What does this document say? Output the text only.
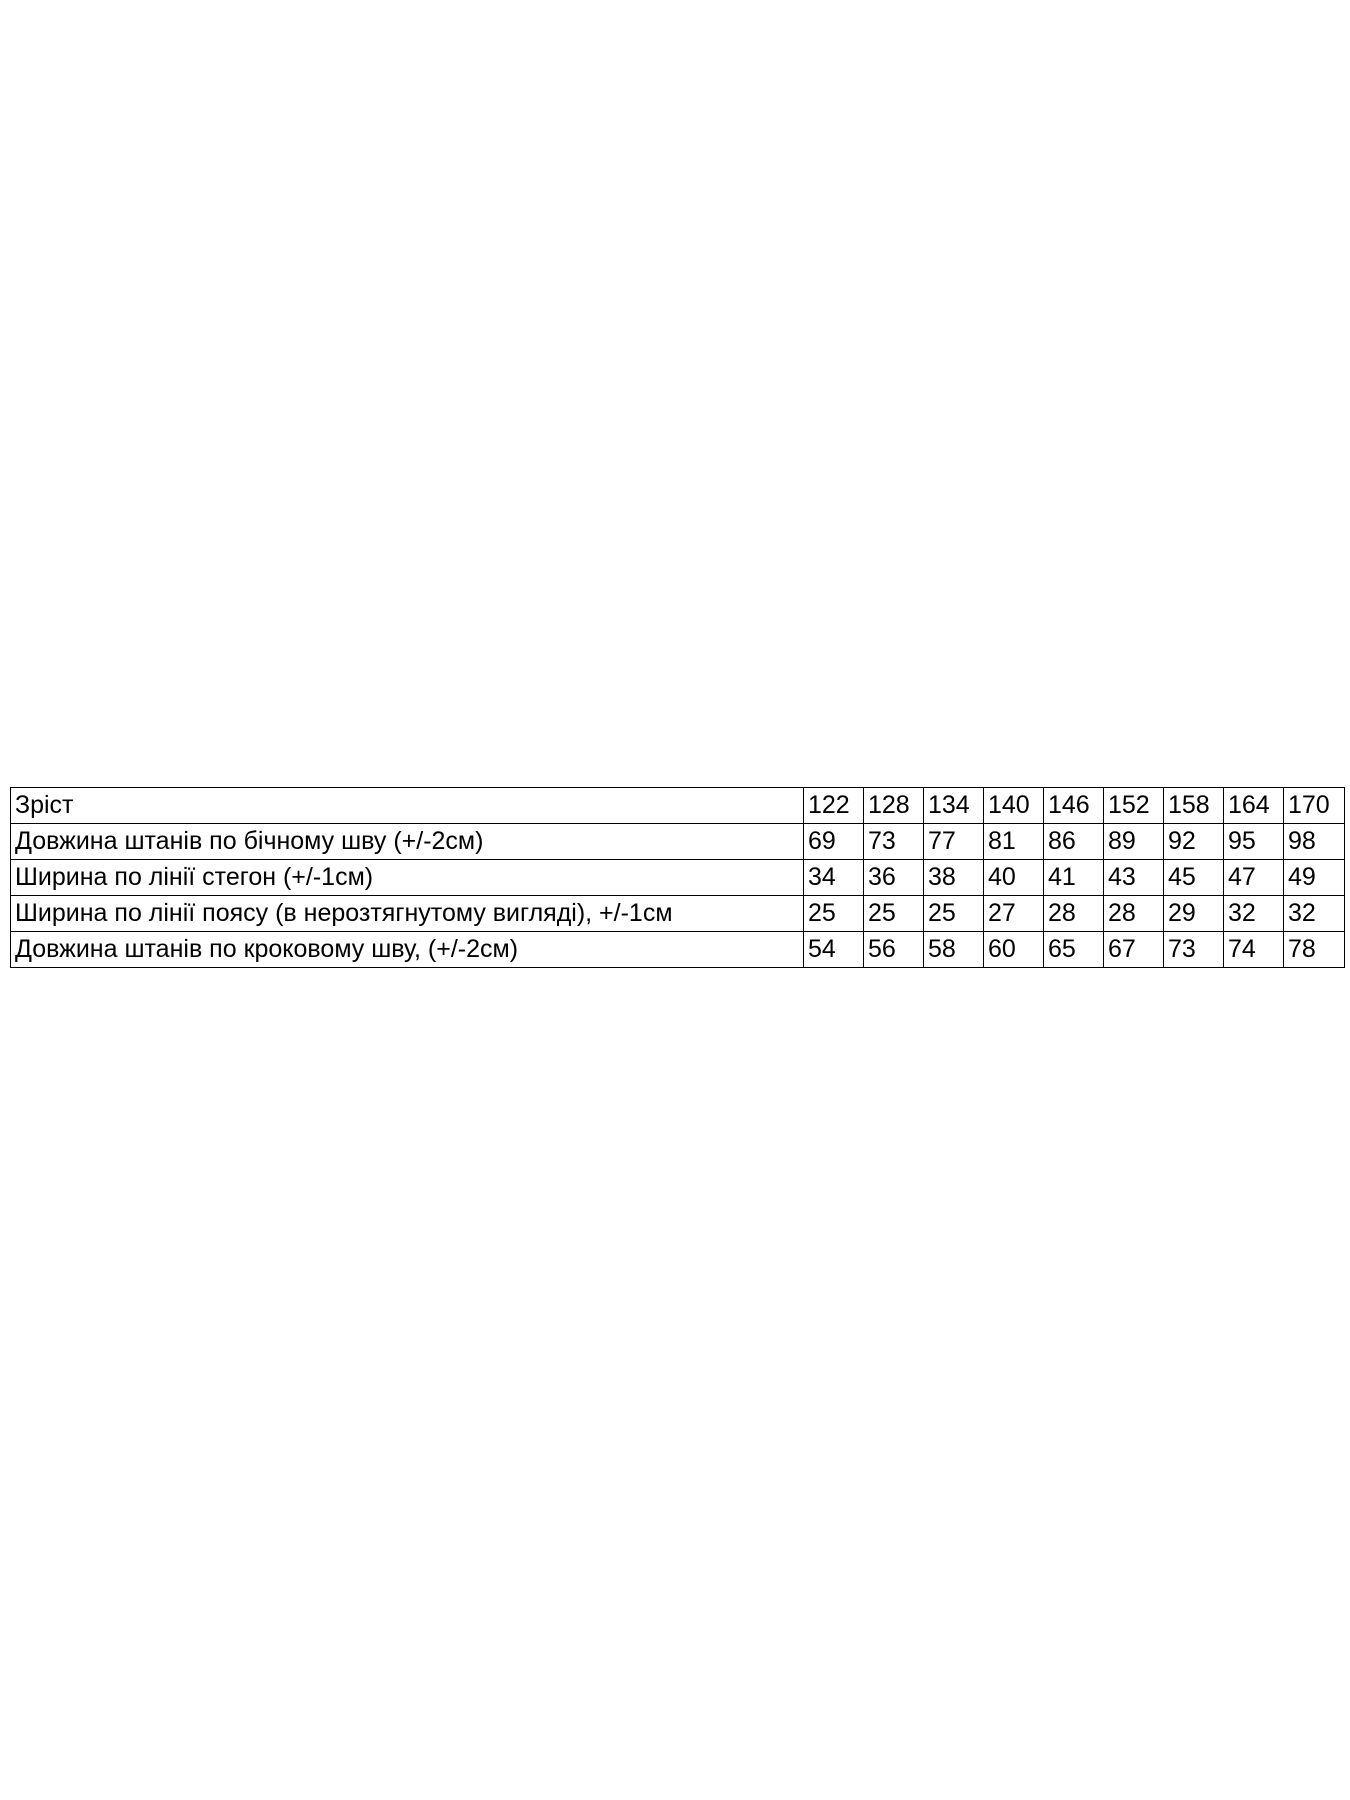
Зріст	122	128	134	140	146	152	158	164	170
Довжина штанів по бічному шву (+/-2см)	69	73	77	81	86	89	92	95	98
Ширина по лінії стегон (+/-1см)	34	36	38	40	41	43	45	47	49
Ширина по лінії поясу (в нерозтягнутому вигляді), +/-1см	25	25	25	27	28	28	29	32	32
Довжина штанів по кроковому шву, (+/-2см)	54	56	58	60	65	67	73	74	78
